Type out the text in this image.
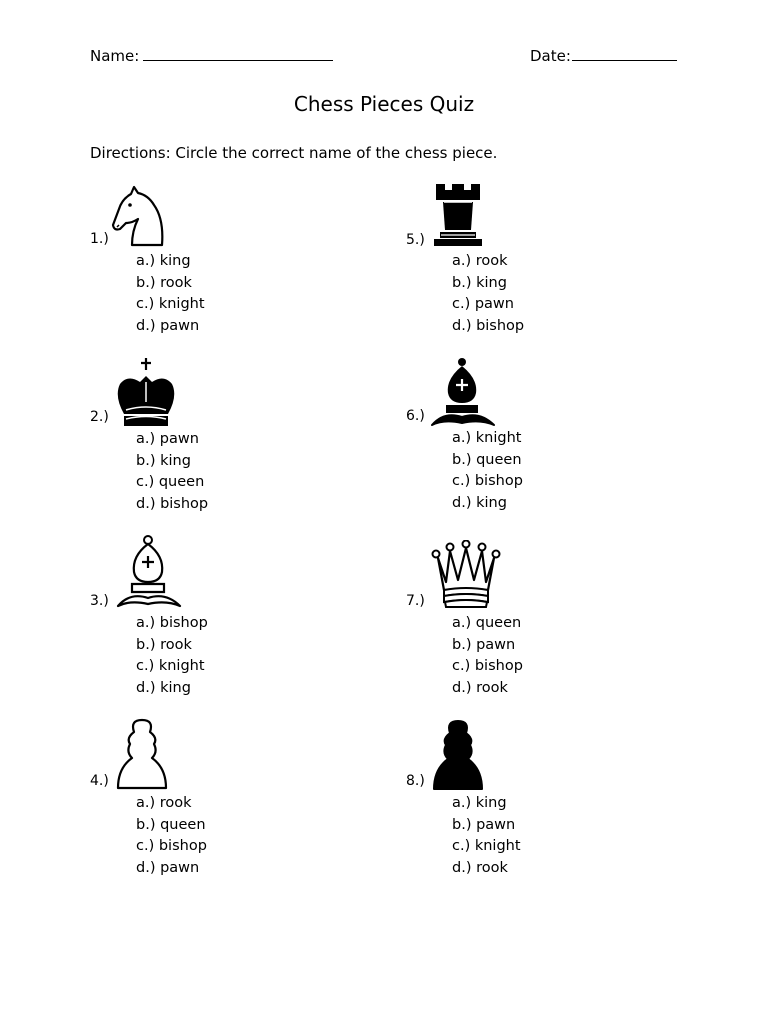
Name:	Date:
Chess Pieces Quiz
Directions: Circle the correct name of the chess piece.
1.)
a.) king
b.) rook
c.) knight
d.) pawn
2.)
a.) pawn
b.) king
c.) queen
d.) bishop
3.)
a.) bishop
b.) rook
c.) knight
d.) king
4.)
a.) rook
b.) queen
c.) bishop
d.) pawn
5.)
a.) rook
b.) king
c.) pawn
d.) bishop
6.)
a.) knight
b.) queen
c.) bishop
d.) king
7.)
a.) queen
b.) pawn
c.) bishop
d.) rook
8.)
a.) king
b.) pawn
c.) knight
d.) rook
